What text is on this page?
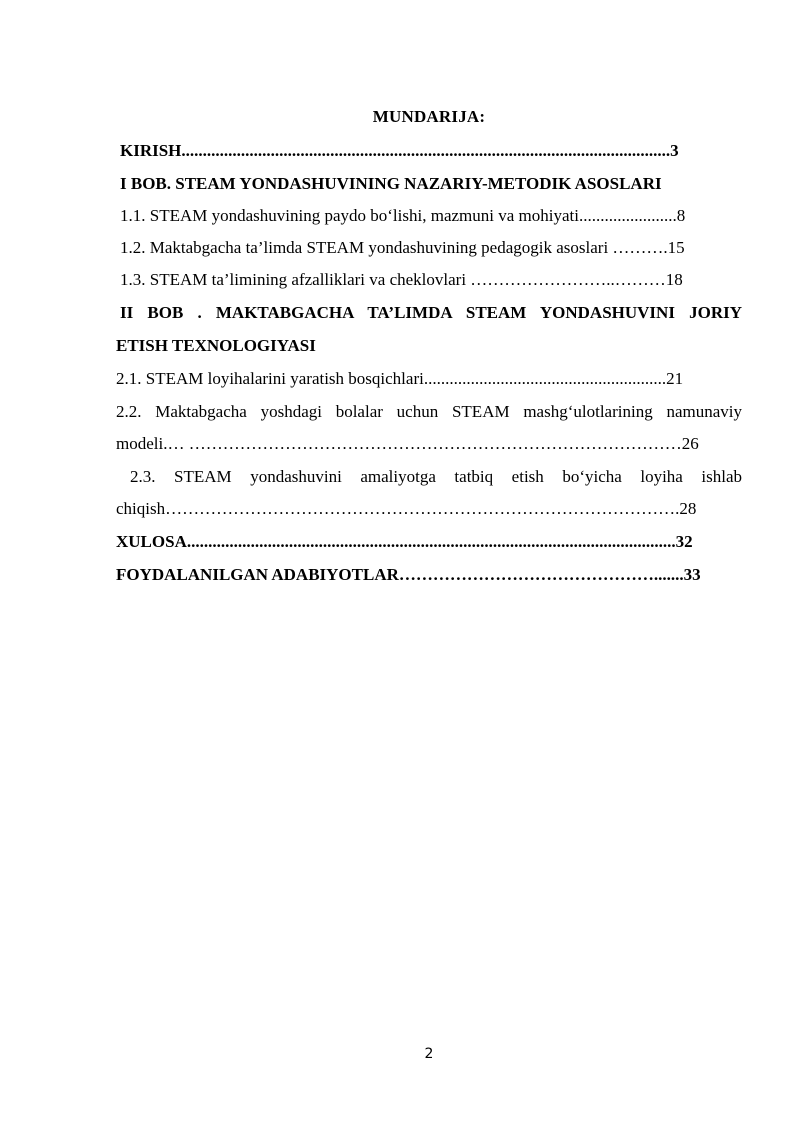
MUNDARIJA:
KIRISH...................................................................................................................3
I BOB. STEAM YONDASHUVINING NAZARIY-METODIK ASOSLARI
1.1. STEAM yondashuvining paydo bo‘lishi, mazmuni va mohiyati.......................8
1.2. Maktabgacha ta’limda STEAM yondashuvining pedagogik asoslari ……….15
1.3. STEAM ta’limining afzalliklari va cheklovlari ……………………..………18
II BOB . MAKTABGACHA TA’LIMDA STEAM YONDASHUVINI JORIY
ETISH TEXNOLOGIYASI
2.1. STEAM loyihalarini yaratish bosqichlari.........................................................21
2.2. Maktabgacha yoshdagi bolalar uchun STEAM mashg‘ulotlarining namunaviy
modeli.… ……………………………………………………………………………26
2.3. STEAM yondashuvini amaliyotga tatbiq etish bo‘yicha loyiha ishlab
chiqish……………………………………………………………………………….28
XULOSA...................................................................................................................32
FOYDALANILGAN ADABIYOTLAR……………………………………….......33
2
